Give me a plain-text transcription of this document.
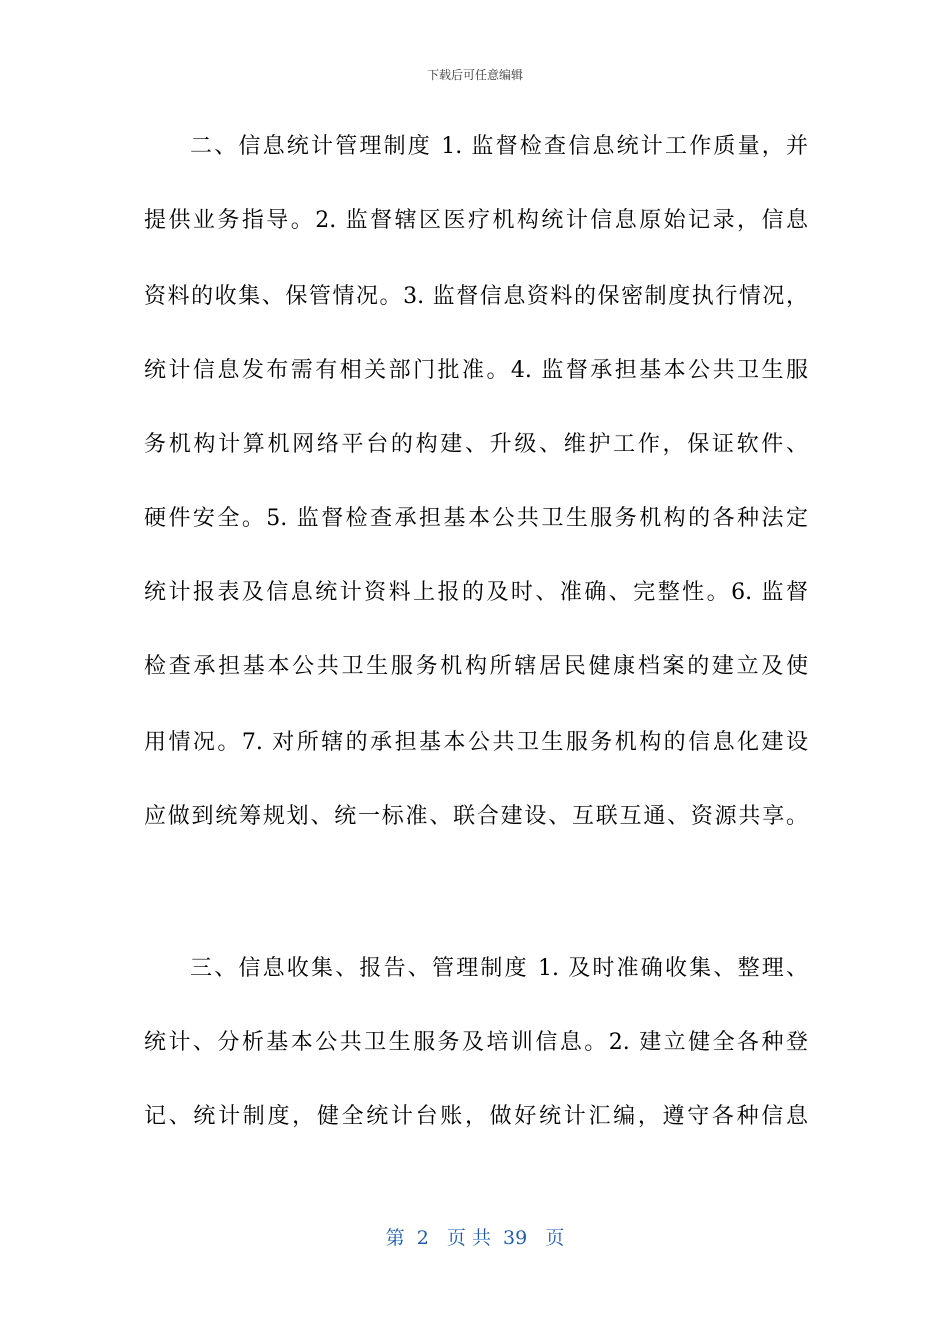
下载后可任意编辑
二、信息统计管理制度 1. 监督检查信息统计工作质量，并
提供业务指导。2. 监督辖区医疗机构统计信息原始记录，信息
资料的收集、保管情况。3. 监督信息资料的保密制度执行情况，
统计信息发布需有相关部门批准。4. 监督承担基本公共卫生服
务机构计算机网络平台的构建、升级、维护工作，保证软件、
硬件安全。5. 监督检查承担基本公共卫生服务机构的各种法定
统计报表及信息统计资料上报的及时、准确、完整性。6. 监督
检查承担基本公共卫生服务机构所辖居民健康档案的建立及使
用情况。7. 对所辖的承担基本公共卫生服务机构的信息化建设
应做到统筹规划、统一标准、联合建设、互联互通、资源共享。
三、信息收集、报告、管理制度 1. 及时准确收集、整理、
统计、分析基本公共卫生服务及培训信息。2. 建立健全各种登
记、统计制度，健全统计台账，做好统计汇编，遵守各种信息
第  2   页 共  39   页
